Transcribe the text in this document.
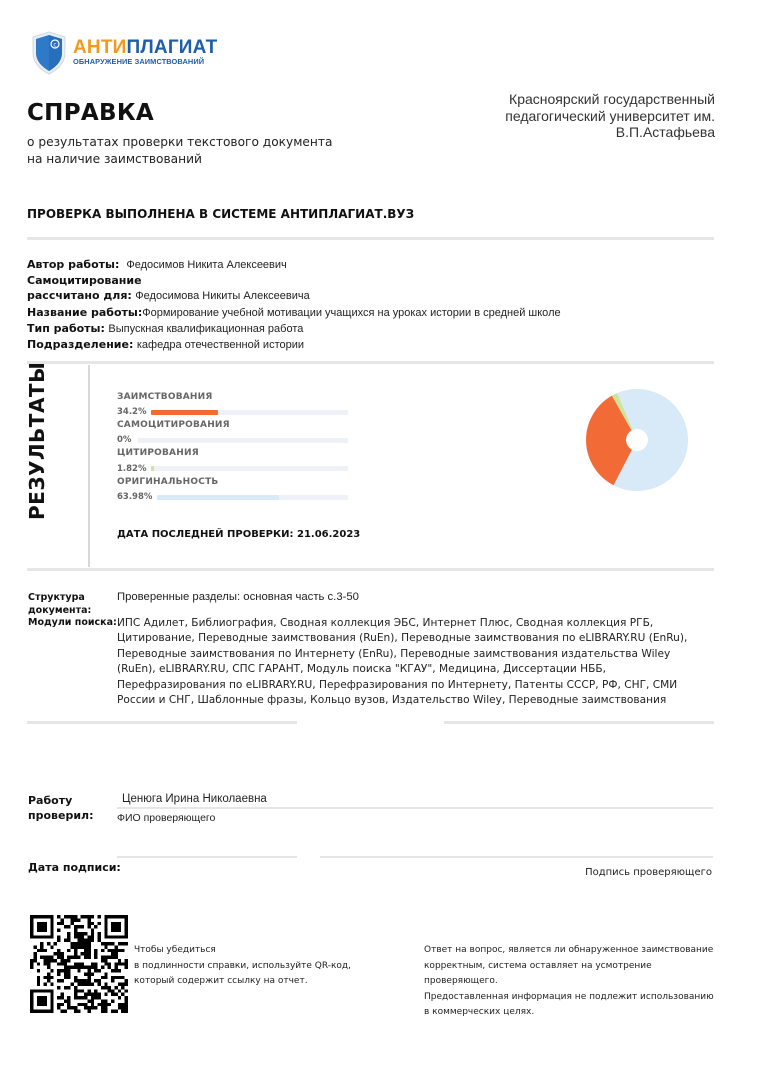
c АНТИПЛАГИАТ
ОБНАРУЖЕНИЕ ЗАИМСТВОВАНИЙ
СПРАВКА
о результатах проверки текстового документа
на наличие заимствований
Красноярский государственный
педагогический университет им.
В.П.Астафьева
ПРОВЕРКА ВЫПОЛНЕНА В СИСТЕМЕ АНТИПЛАГИАТ.ВУЗ
Автор работы: Федосимов Никита Алексеевич
Самоцитирование
рассчитано для: Федосимова Никиты Алексеевича
Название работы:Формирование учебной мотивации учащихся на уроках истории в средней школе
Тип работы: Выпускная квалификационная работа
Подразделение: кафедра отечественной истории
РЕЗУЛЬТАТЫ	ЗАИМСТВОВАНИЯ
34.2%
САМОЦИТИРОВАНИЯ
0%
ЦИТИРОВАНИЯ
1.82%
ОРИГИНАЛЬНОСТЬ
63.98%
ДАТА ПОСЛЕДНЕЙ ПРОВЕРКИ: 21.06.2023
Структура документа:
Проверенные разделы: основная часть с.3-50
Модули поиска: ИПС Адилет, Библиография, Сводная коллекция ЭБС, Интернет Плюс, Сводная коллекция РГБ, Цитирование, Переводные заимствования (RuEn), Переводные заимствования по eLIBRARY.RU (EnRu), Переводные заимствования по Интернету (EnRu), Переводные заимствования издательства Wiley (RuEn), eLIBRARY.RU, СПС ГАРАНТ, Модуль поиска "КГАУ", Медицина, Диссертации НББ, Перефразирования по eLIBRARY.RU, Перефразирования по Интернету, Патенты СССР, РФ, СНГ, СМИ России и СНГ, Шаблонные фразы, Кольцо вузов, Издательство Wiley, Переводные заимствования
Работу проверил:
Ценюга Ирина Николаевна
ФИО проверяющего
Дата подписи:	Подпись проверяющего
Чтобы убедиться
в подлинности справки, используйте QR-код,
который содержит ссылку на отчет.
Ответ на вопрос, является ли обнаруженное заимствование
корректным, система оставляет на усмотрение
проверяющего.
Предоставленная информация не подлежит использованию
в коммерческих целях.
